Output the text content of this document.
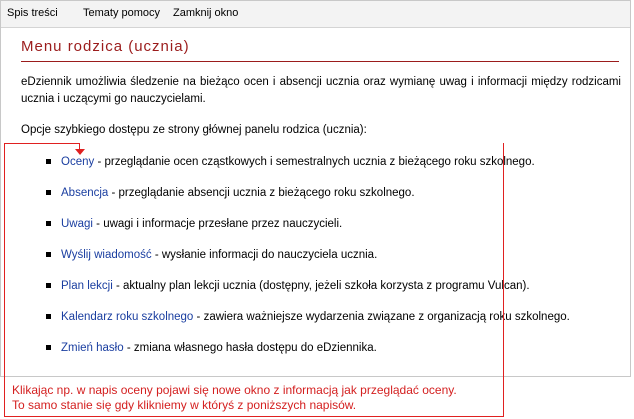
Spis treści Tematy pomocy Zamknij okno
Menu rodzica (ucznia)
eDziennik umożliwia śledzenie na bieżąco ocen i absencji ucznia oraz wymianę uwag i informacji między rodzicami ucznia i uczącymi go nauczycielami.
Opcje szybkiego dostępu ze strony głównej panelu rodzica (ucznia):
Oceny - przeglądanie ocen cząstkowych i semestralnych ucznia z bieżącego roku szkolnego.
Absencja - przeglądanie absencji ucznia z bieżącego roku szkolnego.
Uwagi - uwagi i informacje przesłane przez nauczycieli.
Wyślij wiadomość - wysłanie informacji do nauczyciela ucznia.
Plan lekcji - aktualny plan lekcji ucznia (dostępny, jeżeli szkoła korzysta z programu Vulcan).
Kalendarz roku szkolnego - zawiera ważniejsze wydarzenia związane z organizacją roku szkolnego.
Zmień hasło - zmiana własnego hasła dostępu do eDziennika.
Klikając np. w napis oceny pojawi się nowe okno z informacją jak przeglądać oceny.
To samo stanie się gdy klikniemy w któryś z poniższych napisów.
